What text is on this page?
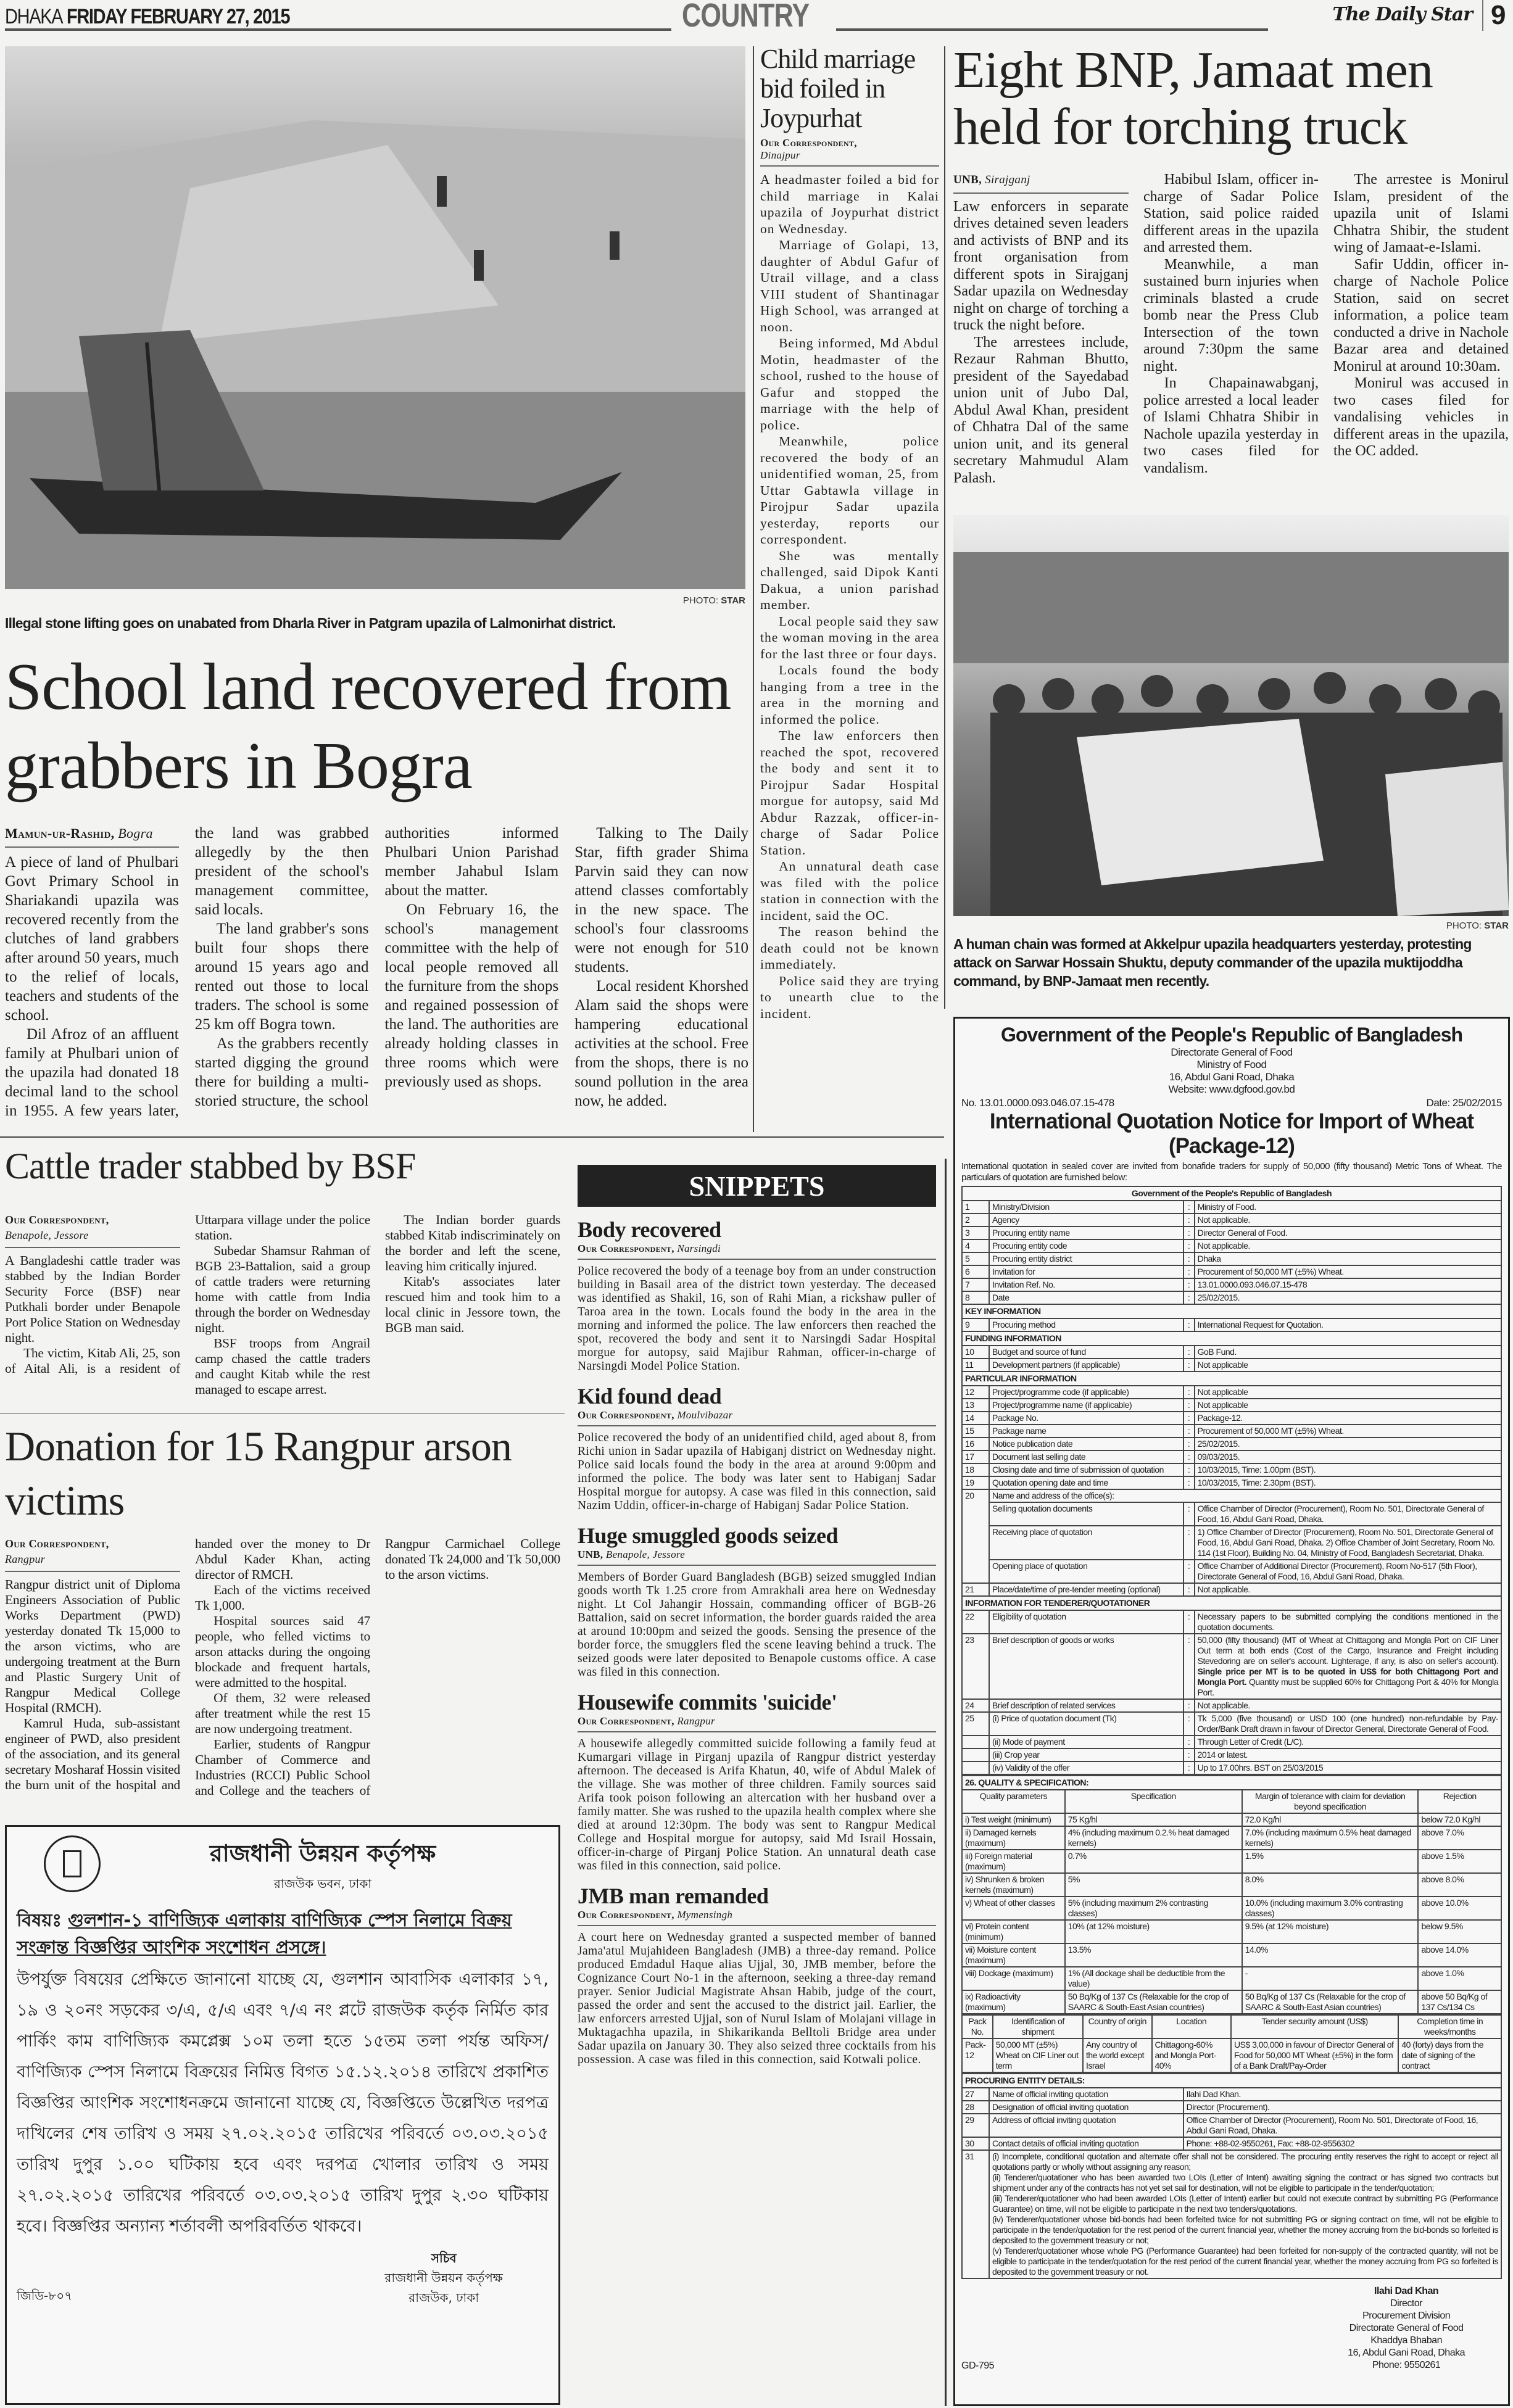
DHAKA FRIDAY FEBRUARY 27, 2015	COUNTRY	The Daily Star 9
PHOTO: STAR
Illegal stone lifting goes on unabated from Dharla River in Patgram upazila of Lalmonirhat district.
School land recovered from grabbers in Bogra
Mamun-ur-Rashid, Bogra

A piece of land of Phulbari Govt Primary School in Shariakandi upazila was recovered recently from the clutches of land grabbers after around 50 years, much to the relief of locals, teachers and students of the school.

Dil Afroz of an affluent family at Phulbari union of the upazila had donated 18 decimal land to the school in 1955. A few years later, the land was grabbed allegedly by the then president of the school's management committee, said locals.

The land grabber's sons built four shops there around 15 years ago and rented out those to local traders. The school is some 25 km off Bogra town.

As the grabbers recently started digging the ground there for building a multi-storied structure, the school authorities informed Phulbari Union Parishad member Jahabul Islam about the matter.

On February 16, the school's management committee with the help of local people removed all the furniture from the shops and regained possession of the land. The authorities are already holding classes in three rooms which were previously used as shops.

Talking to The Daily Star, fifth grader Shima Parvin said they can now attend classes comfortably in the new space. The school's four classrooms were not enough for 510 students.

Local resident Khorshed Alam said the shops were hampering educational activities at the school. Free from the shops, there is no sound pollution in the area now, he added.

Child marriage bid foiled in Joypurhat
Our Correspondent,
Dinajpur

A headmaster foiled a bid for child marriage in Kalai upazila of Joypurhat district on Wednesday.

Marriage of Golapi, 13, daughter of Abdul Gafur of Utrail village, and a class VIII student of Shantinagar High School, was arranged at noon.

Being informed, Md Abdul Motin, headmaster of the school, rushed to the house of Gafur and stopped the marriage with the help of police.

Meanwhile, police recovered the body of an unidentified woman, 25, from Uttar Gabtawla village in Pirojpur Sadar upazila yesterday, reports our correspondent.

She was mentally challenged, said Dipok Kanti Dakua, a union parishad member.

Local people said they saw the woman moving in the area for the last three or four days.

Locals found the body hanging from a tree in the area in the morning and informed the police.

The law enforcers then reached the spot, recovered the body and sent it to Pirojpur Sadar Hospital morgue for autopsy, said Md Abdur Razzak, officer-in-charge of Sadar Police Station.

An unnatural death case was filed with the police station in connection with the incident, said the OC.

The reason behind the death could not be known immediately.

Police said they are trying to unearth clue to the incident.

Eight BNP, Jamaat men held for torching truck
UNB, Sirajganj

Law enforcers in separate drives detained seven leaders and activists of BNP and its front organisation from different spots in Sirajganj Sadar upazila on Wednesday night on charge of torching a truck the night before.

The arrestees include, Rezaur Rahman Bhutto, president of the Sayedabad union unit of Jubo Dal, Abdul Awal Khan, president of Chhatra Dal of the same union unit, and its general secretary Mahmudul Alam Palash.

Habibul Islam, officer in-charge of Sadar Police Station, said police raided different areas in the upazila and arrested them.

Meanwhile, a man sustained burn injuries when criminals blasted a crude bomb near the Press Club Intersection of the town around 7:30pm the same night.

In Chapainawabganj, police arrested a local leader of Islami Chhatra Shibir in Nachole upazila yesterday in two cases filed for vandalism.

The arrestee is Monirul Islam, president of the upazila unit of Islami Chhatra Shibir, the student wing of Jamaat-e-Islami.

Safir Uddin, officer in-charge of Nachole Police Station, said on secret information, a police team conducted a drive in Nachole Bazar area and detained Monirul at around 10:30am.

Monirul was accused in two cases filed for vandalising vehicles in different areas in the upazila, the OC added.

PHOTO: STAR
A human chain was formed at Akkelpur upazila headquarters yesterday, protesting attack on Sarwar Hossain Shuktu, deputy commander of the upazila muktijoddha command, by BNP-Jamaat men recently.
Government of the People's Republic of Bangladesh
Directorate General of Food
Ministry of Food
16, Abdul Gani Road, Dhaka
Website: www.dgfood.gov.bd
No. 13.01.0000.093.046.07.15-478	Date: 25/02/2015
International Quotation Notice for Import of Wheat
(Package-12)

International quotation in sealed cover are invited from bonafide traders for supply of 50,000 (fifty thousand) Metric Tons of Wheat. The particulars of quotation are furnished below:

Government of the People's Republic of Bangladesh			
1	Ministry/Division	:	Ministry of Food.
2	Agency	:	Not applicable.
3	Procuring entity name	:	Director General of Food.
4	Procuring entity code	:	Not applicable.
5	Procuring entity district	:	Dhaka
6	Invitation for	:	Procurement of 50,000 MT (±5%) Wheat.
7	Invitation Ref. No.	:	13.01.0000.093.046.07.15-478
8	Date	:	25/02/2015.
KEY INFORMATION			
9	Procuring method	:	International Request for Quotation.
FUNDING INFORMATION			
10	Budget and source of fund	:	GoB Fund.
11	Development partners (if applicable)	:	Not applicable
PARTICULAR INFORMATION			
12	Project/programme code (if applicable)	:	Not applicable
13	Project/programme name (if applicable)	:	Not applicable
14	Package No.	:	Package-12.
15	Package name	:	Procurement of 50,000 MT (±5%) Wheat.
16	Notice publication date	:	25/02/2015.
17	Document last selling date	:	09/03/2015.
18	Closing date and time of submission of quotation	:	10/03/2015, Time: 1.00pm (BST).
19	Quotation opening date and time	:	10/03/2015, Time: 2.30pm (BST).
20	Name and address of the office(s):		
	Selling quotation documents	:	Office Chamber of Director (Procurement), Room No. 501, Directorate General of Food, 16, Abdul Gani Road, Dhaka.
	Receiving place of quotation	:	1) Office Chamber of Director (Procurement), Room No. 501, Directorate General of Food, 16, Abdul Gani Road, Dhaka. 2) Office Chamber of Joint Secretary, Room No. 114 (1st Floor), Building No. 04, Ministry of Food, Bangladesh Secretariat, Dhaka.
	Opening place of quotation	:	Office Chamber of Additional Director (Procurement), Room No-517 (5th Floor), Directorate General of Food, 16, Abdul Gani Road, Dhaka.
21	Place/date/time of pre-tender meeting (optional)	:	Not applicable.
INFORMATION FOR TENDERER/QUOTATIONER			
22	Eligibility of quotation	:	Necessary papers to be submitted complying the conditions mentioned in the quotation documents.
23	Brief description of goods or works	:	50,000 (fifty thousand) (MT of Wheat at Chittagong and Mongla Port on CIF Liner Out term at both ends (Cost of the Cargo, Insurance and Freight including Stevedoring are on seller's account. Lighterage, if any, is also on seller's account). Single price per MT is to be quoted in US$ for both Chittagong Port and Mongla Port. Quantity must be supplied 60% for Chittagong Port & 40% for Mongla Port.
24	Brief description of related services	:	Not applicable.
25	(i) Price of quotation document (Tk)	:	Tk 5,000 (five thousand) or USD 100 (one hundred) non-refundable by Pay-Order/Bank Draft drawn in favour of Director General, Directorate General of Food.
	(ii) Mode of payment	:	Through Letter of Credit (L/C).
	(iii) Crop year	:	2014 or latest.
	(iv) Validity of the offer	:	Up to 17.00hrs. BST on 25/03/2015
26. QUALITY & SPECIFICATION:			
Quality parameters	Specification	Margin of tolerance with claim for deviation beyond specification	Rejection
i) Test weight (minimum)	75 Kg/hl	72.0 Kg/hl	below 72.0 Kg/hl
ii) Damaged kernels (maximum)	4% (including maximum 0.2.% heat damaged kernels)	7.0% (including maximum 0.5% heat damaged kernels)	above 7.0%
iii) Foreign material (maximum)	0.7%	1.5%	above 1.5%
iv) Shrunken & broken kernels (maximum)	5%	8.0%	above 8.0%
v) Wheat of other classes	5% (including maximum 2% contrasting classes)	10.0% (including maximum 3.0% contrasting classes)	above 10.0%
vi) Protein content (minimum)	10% (at 12% moisture)	9.5% (at 12% moisture)	below 9.5%
vii) Moisture content (maximum)	13.5%	14.0%	above 14.0%
viii) Dockage (maximum)	1% (All dockage shall be deductible from the value)	-	above 1.0%
ix) Radioactivity (maximum)	50 Bq/Kg of 137 Cs (Relaxable for the crop of SAARC & South-East Asian countries)	50 Bq/Kg of 137 Cs (Relaxable for the crop of SAARC & South-East Asian countries)	above 50 Bq/Kg of 137 Cs/134 Cs
Pack No.	Identification of shipment	Country of origin	Location	Tender security amount (US$)	Completion time in weeks/months
Pack-12	50,000 MT (±5%) Wheat on CIF Liner out term	Any country of the world except Israel	Chittagong-60% and Mongla Port-40%	US$ 3,00,000 in favour of Director General of Food for 50,000 MT Wheat (±5%) in the form of a Bank Draft/Pay-Order	40 (forty) days from the date of signing of the contract
PROCURING ENTITY DETAILS:		
27	Name of official inviting quotation	Ilahi Dad Khan.
28	Designation of official inviting quotation	Director (Procurement).
29	Address of official inviting quotation	Office Chamber of Director (Procurement), Room No. 501, Directorate of Food, 16, Abdul Gani Road, Dhaka.
30	Contact details of official inviting quotation	Phone: +88-02-9550261, Fax: +88-02-9556302
31	(i) Incomplete, conditional quotation and alternate offer shall not be considered. The procuring entity reserves the right to accept or reject all quotations partly or wholly without assigning any reason;
(ii) Tenderer/quotationer who has been awarded two LOIs (Letter of Intent) awaiting signing the contract or has signed two contracts but shipment under any of the contracts has not yet set sail for destination, will not be eligible to participate in the tender/quotation;
(iii) Tenderer/quotationer who had been awarded LOIs (Letter of Intent) earlier but could not execute contract by submitting PG (Performance Guarantee) on time, will not be eligible to participate in the next two tenders/quotations.
(iv) Tenderer/quotationer whose bid-bonds had been forfeited twice for not submitting PG or signing contract on time, will not be eligible to participate in the tender/quotation for the rest period of the current financial year, whether the money accruing from the bid-bonds so forfeited is deposited to the government treasury or not;
(v) Tenderer/quotationer whose whole PG (Performance Guarantee) had been forfeited for non-supply of the contracted quantity, will not be eligible to participate in the tender/quotation for the rest period of the current financial year, whether the money accruing from PG so forfeited is deposited to the government treasury or not.	
GD-795
Ilahi Dad Khan
Director
Procurement Division
Directorate General of Food
Khaddya Bhaban
16, Abdul Gani Road, Dhaka
Phone: 9550261
Cattle trader stabbed by BSF
Our Correspondent,
Benapole, Jessore

A Bangladeshi cattle trader was stabbed by the Indian Border Security Force (BSF) near Putkhali border under Benapole Port Police Station on Wednesday night.

The victim, Kitab Ali, 25, son of Aital Ali, is a resident of Uttarpara village under the police station.

Subedar Shamsur Rahman of BGB 23-Battalion, said a group of cattle traders were returning home with cattle from India through the border on Wednesday night.

BSF troops from Angrail camp chased the cattle traders and caught Kitab while the rest managed to escape arrest.

The Indian border guards stabbed Kitab indiscriminately on the border and left the scene, leaving him critically injured.

Kitab's associates later rescued him and took him to a local clinic in Jessore town, the BGB man said.

Donation for 15 Rangpur arson victims
Our Correspondent,
Rangpur

Rangpur district unit of Diploma Engineers Association of Public Works Department (PWD) yesterday donated Tk 15,000 to the arson victims, who are undergoing treatment at the Burn and Plastic Surgery Unit of Rangpur Medical College Hospital (RMCH).

Kamrul Huda, sub-assistant engineer of PWD, also president of the association, and its general secretary Mosharaf Hossin visited the burn unit of the hospital and handed over the money to Dr Abdul Kader Khan, acting director of RMCH.

Each of the victims received Tk 1,000.

Hospital sources said 47 people, who felled victims to arson attacks during the ongoing blockade and frequent hartals, were admitted to the hospital.

Of them, 32 were released after treatment while the rest 15 are now undergoing treatment.

Earlier, students of Rangpur Chamber of Commerce and Industries (RCCI) Public School and College and the teachers of Rangpur Carmichael College donated Tk 24,000 and Tk 50,000 to the arson victims.

রাজধানী উন্নয়ন কর্তৃপক্ষ
রাজউক ভবন, ঢাকা
বিষয়ঃ গুলশান-১ বাণিজ্যিক এলাকায় বাণিজ্যিক স্পেস নিলামে বিক্রয় সংক্রান্ত বিজ্ঞপ্তির আংশিক সংশোধন প্রসঙ্গে।

উপর্যুক্ত বিষয়ের প্রেক্ষিতে জানানো যাচ্ছে যে, গুলশান আবাসিক এলাকার ১৭, ১৯ ও ২০নং সড়কের ৩/এ, ৫/এ এবং ৭/এ নং প্লটে রাজউক কর্তৃক নির্মিত কার পার্কিং কাম বাণিজ্যিক কমপ্লেক্স ১০ম তলা হতে ১৫তম তলা পর্যন্ত অফিস/বাণিজ্যিক স্পেস নিলামে বিক্রয়ের নিমিত্ত বিগত ১৫.১২.২০১৪ তারিখে প্রকাশিত বিজ্ঞপ্তির আংশিক সংশোধনক্রমে জানানো যাচ্ছে যে, বিজ্ঞপ্তিতে উল্লেখিত দরপত্র দাখিলের শেষ তারিখ ও সময় ২৭.০২.২০১৫ তারিখের পরিবর্তে ০৩.০৩.২০১৫ তারিখ দুপুর ১.০০ ঘটিকায় হবে এবং দরপত্র খোলার তারিখ ও সময় ২৭.০২.২০১৫ তারিখের পরিবর্তে ০৩.০৩.২০১৫ তারিখ দুপুর ২.৩০ ঘটিকায় হবে। বিজ্ঞপ্তির অন্যান্য শর্তাবলী অপরিবর্তিত থাকবে।

জিডি-৮০৭
সচিব
রাজধানী উন্নয়ন কর্তৃপক্ষ
রাজউক, ঢাকা
SNIPPETS
Body recovered
Our Correspondent, Narsingdi

Police recovered the body of a teenage boy from an under construction building in Basail area of the district town yesterday. The deceased was identified as Shakil, 16, son of Rahi Mian, a rickshaw puller of Taroa area in the town. Locals found the body in the area in the morning and informed the police. The law enforcers then reached the spot, recovered the body and sent it to Narsingdi Sadar Hospital morgue for autopsy, said Majibur Rahman, officer-in-charge of Narsingdi Model Police Station.

Kid found dead
Our Correspondent, Moulvibazar

Police recovered the body of an unidentified child, aged about 8, from Richi union in Sadar upazila of Habiganj district on Wednesday night. Police said locals found the body in the area at around 9:00pm and informed the police. The body was later sent to Habiganj Sadar Hospital morgue for autopsy. A case was filed in this connection, said Nazim Uddin, officer-in-charge of Habiganj Sadar Police Station.

Huge smuggled goods seized
UNB, Benapole, Jessore

Members of Border Guard Bangladesh (BGB) seized smuggled Indian goods worth Tk 1.25 crore from Amrakhali area here on Wednesday night. Lt Col Jahangir Hossain, commanding officer of BGB-26 Battalion, said on secret information, the border guards raided the area at around 10:00pm and seized the goods. Sensing the presence of the border force, the smugglers fled the scene leaving behind a truck. The seized goods were later deposited to Benapole customs office. A case was filed in this connection.

Housewife commits 'suicide'
Our Correspondent, Rangpur

A housewife allegedly committed suicide following a family feud at Kumargari village in Pirganj upazila of Rangpur district yesterday afternoon. The deceased is Arifa Khatun, 40, wife of Abdul Malek of the village. She was mother of three children. Family sources said Arifa took poison following an altercation with her husband over a family matter. She was rushed to the upazila health complex where she died at around 12:30pm. The body was sent to Rangpur Medical College and Hospital morgue for autopsy, said Md Israil Hossain, officer-in-charge of Pirganj Police Station. An unnatural death case was filed in this connection, said police.

JMB man remanded
Our Correspondent, Mymensingh

A court here on Wednesday granted a suspected member of banned Jama'atul Mujahideen Bangladesh (JMB) a three-day remand. Police produced Emdadul Haque alias Ujjal, 30, JMB member, before the Cognizance Court No-1 in the afternoon, seeking a three-day remand prayer. Senior Judicial Magistrate Ahsan Habib, judge of the court, passed the order and sent the accused to the district jail. Earlier, the law enforcers arrested Ujjal, son of Nurul Islam of Molajani village in Muktagachha upazila, in Shikarikanda Belltoli Bridge area under Sadar upazila on January 30. They also seized three cocktails from his possession. A case was filed in this connection, said Kotwali police.
